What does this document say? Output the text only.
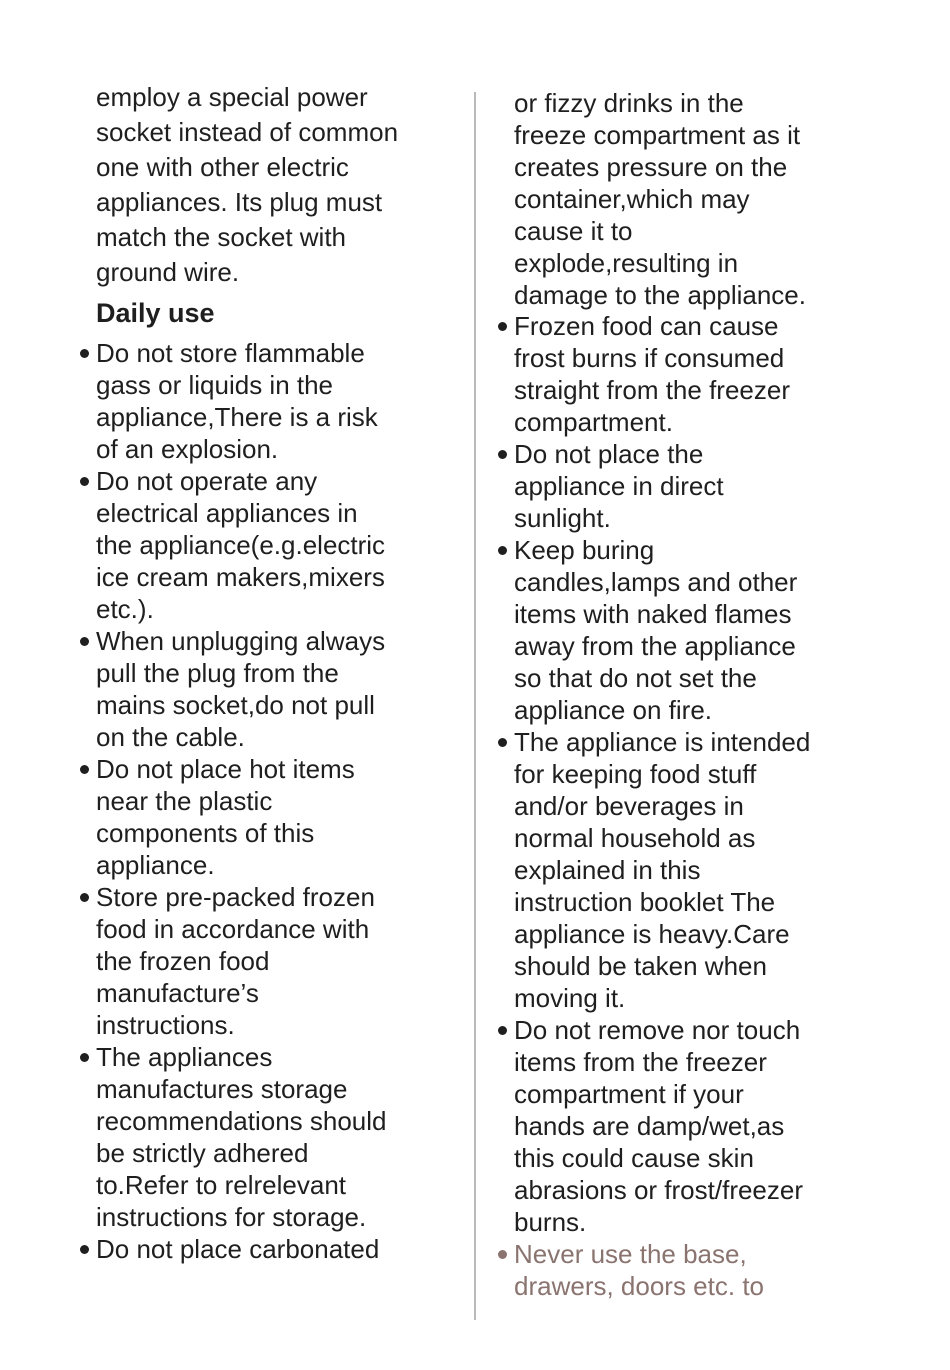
employ a special power
socket instead of common
one with other electric
appliances. Its plug must
match the socket with
ground wire.
Daily use
Do not store flammable
gass or liquids in the
appliance,There is a risk
of an explosion.
Do not operate any
electrical appliances in
the appliance(e.g.electric
ice cream makers,mixers
etc.).
When unplugging always
pull the plug from the
mains socket,do not pull
on the cable.
Do not place hot items
near the plastic
components of this
appliance.
Store pre-packed frozen
food in accordance with
the frozen food
manufacture’s
instructions.
The appliances
manufactures storage
recommendations should
be strictly adhered
to.Refer to relrelevant
instructions for storage.
Do not place carbonated
or fizzy drinks in the
freeze compartment as it
creates pressure on the
container,which may
cause it to
explode,resulting in
damage to the appliance.
Frozen food can cause
frost burns if consumed
straight from the freezer
compartment.
Do not place the
appliance in direct
sunlight.
Keep buring
candles,lamps and other
items with naked flames
away from the appliance
so that do not set the
appliance on fire.
The appliance is intended
for keeping food stuff
and/or beverages in
normal household as
explained in this
instruction booklet The
appliance is heavy.Care
should be taken when
moving it.
Do not remove nor touch
items from the freezer
compartment if your
hands are damp/wet,as
this could cause skin
abrasions or frost/freezer
burns.
Never use the base,
drawers, doors etc. to
